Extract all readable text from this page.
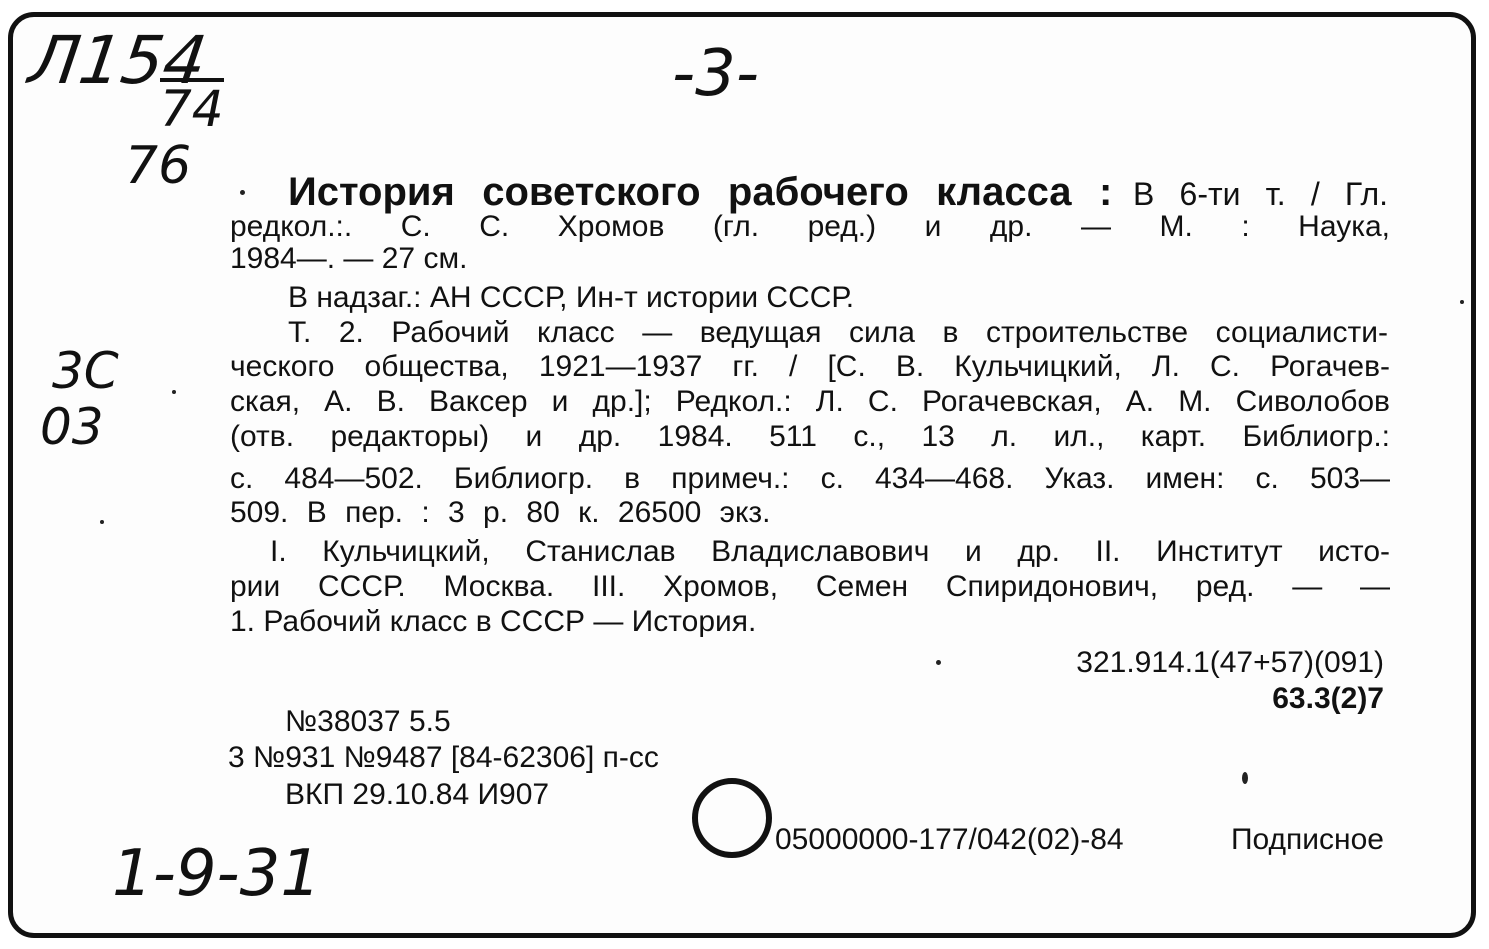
Л154
74
76
-3-
3C
03
1-9-31
История советского рабочего класса : В 6-ти т. / Гл.
редкол.:. С. С. Хромов (гл. ред.) и др. — М. : Наука,
1984—. — 27 см.
В надзаг.: АН СССР, Ин-т истории СССР.
Т. 2. Рабочий класс — ведущая сила в строительстве социалисти-
ческого общества, 1921—1937 гг. / [С. В. Кульчицкий, Л. С. Рогачев-
ская, А. В. Ваксер и др.]; Редкол.: Л. С. Рогачевская, А. М. Сиволобов
(отв. редакторы) и др. 1984. 511 с., 13 л. ил., карт. Библиогр.:
с. 484—502. Библиогр. в примеч.: с. 434—468. Указ. имен: с. 503—
509. В пер. : 3 р. 80 к. 26500 экз.
I. Кульчицкий, Станислав Владиславович и др. II. Институт исто-
рии СССР. Москва. III. Хромов, Семен Спиридонович, ред. — —
1. Рабочий класс в СССР — История.
321.914.1(47+57)(091)
63.3(2)7
№38037 5.5
3 №931 №9487 [84-62306] п-сс
ВКП 29.10.84 И907
05000000-177/042(02)-84	Подписное
